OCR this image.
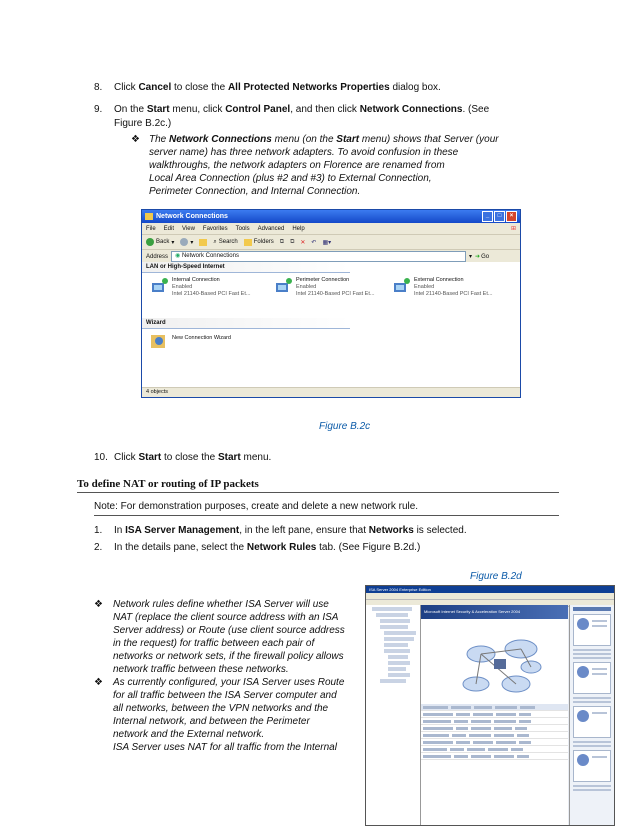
8. Click Cancel to close the All Protected Networks Properties dialog box.
9. On the Start menu, click Control Panel, and then click Network Connections. (See
Figure B.2c.)
❖ The Network Connections menu (on the Start menu) shows that Server (your
server name) has three network adapters. To avoid confusion in these
walkthroughs, the network adapters on Florence are renamed from
Local Area Connection (plus #2 and #3) to External Connection,
Perimeter Connection, and Internal Connection.
Network Connections	_	□	×
File Edit View Favorites Tools Advanced Help	⊞
Back ▾	▾	⌕ Search	Folders ⧉ ⧉ ✕ ↶ ▦▾
Address	◉ Network Connections	▾ ➜ Go
LAN or High-Speed Internet
Internal Connection
Enabled
Intel 21140-Based PCI Fast Et...
Perimeter Connection
Enabled
Intel 21140-Based PCI Fast Et...
External Connection
Enabled
Intel 21140-Based PCI Fast Et...
Wizard
New Connection Wizard
4 objects
Figure B.2c
10. Click Start to close the Start menu.
To define NAT or routing of IP packets
Note: For demonstration purposes, create and delete a new network rule.
1. In ISA Server Management, in the left pane, ensure that Networks is selected.
2. In the details pane, select the Network Rules tab. (See Figure B.2d.)
Figure B.2d
❖ Network rules define whether ISA Server will use
NAT (replace the client source address with an ISA
Server address) or Route (use client source address
in the request) for traffic between each pair of
networks or network sets, if the firewall policy allows
network traffic between these networks.
❖ As currently configured, your ISA Server uses Route
for all traffic between the ISA Server computer and
all networks, between the VPN networks and the
Internal network, and between the Perimeter
network and the External network.
ISA Server uses NAT for all traffic from the Internal
ISA Server 2004 Enterprise Edition
Microsoft Internet Security & Acceleration Server 2004
